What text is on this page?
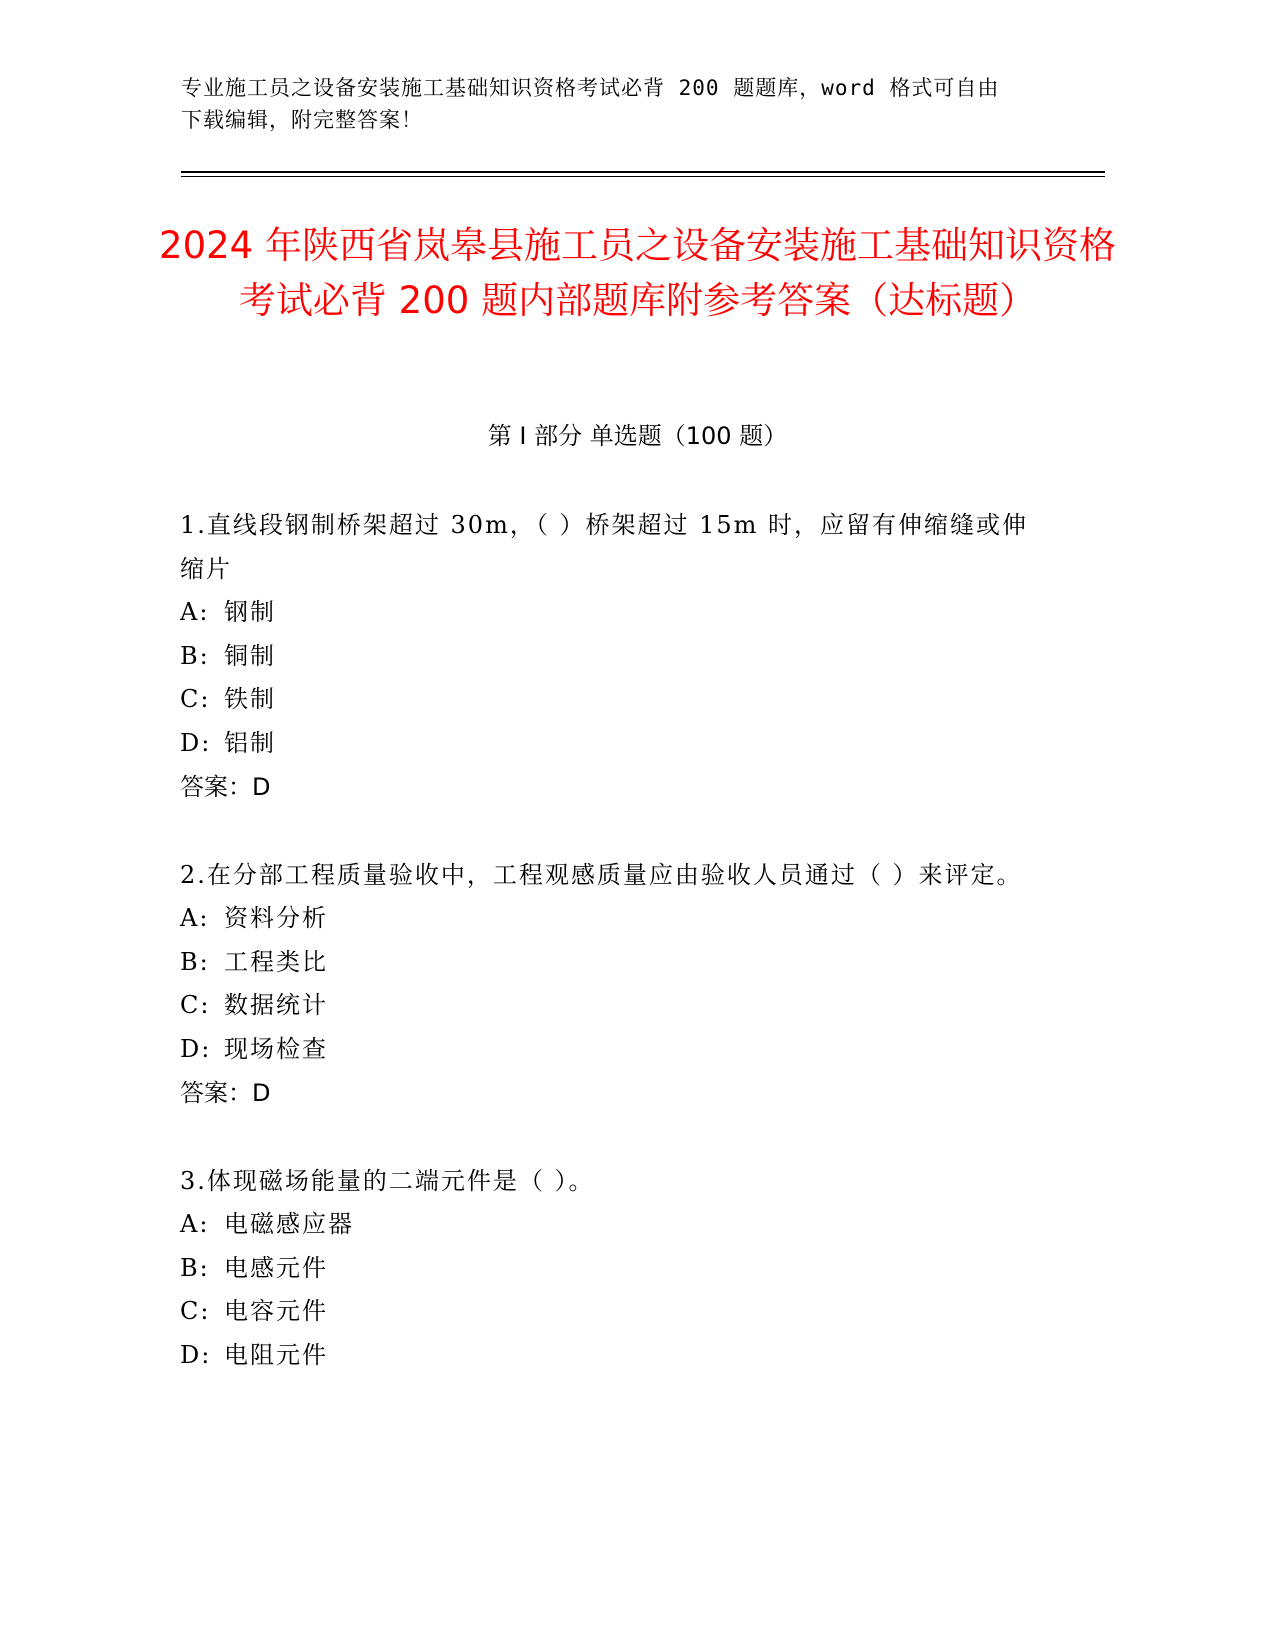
专业施工员之设备安装施工基础知识资格考试必背 200 题题库，word 格式可自由
下载编辑，附完整答案！
2024 年陕西省岚皋县施工员之设备安装施工基础知识资格考试必背 200 题内部题库附参考答案（达标题）
第 I 部分 单选题（100 题）
1.直线段钢制桥架超过 30m，（ ）桥架超过 15m 时，应留有伸缩缝或伸缩片
A: 钢制
B: 铜制
C: 铁制
D: 铝制
答案：D
2.在分部工程质量验收中，工程观感质量应由验收人员通过（ ）来评定。
A: 资料分析
B: 工程类比
C: 数据统计
D: 现场检查
答案：D
3.体现磁场能量的二端元件是（ ）。
A: 电磁感应器
B: 电感元件
C: 电容元件
D: 电阻元件
